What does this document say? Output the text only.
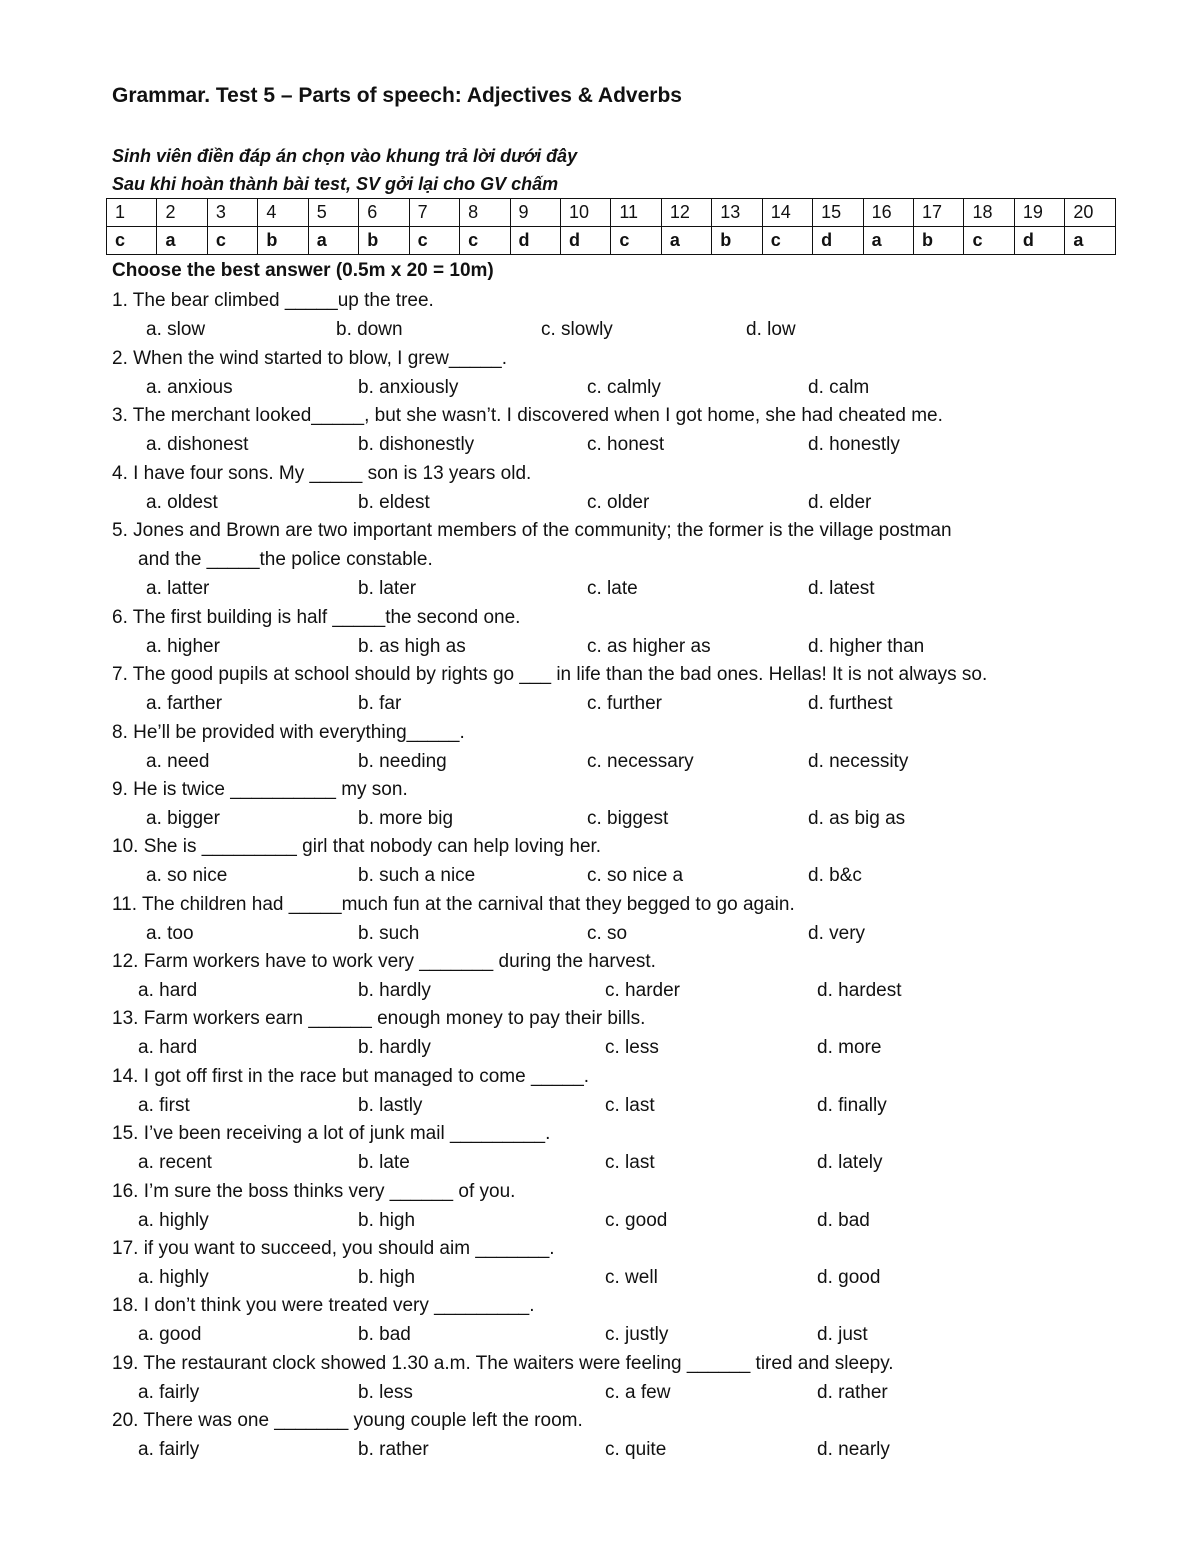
Grammar. Test 5 – Parts of speech: Adjectives & Adverbs
Sinh viên điền đáp án chọn vào khung trả lời dưới đây
Sau khi hoàn thành bài test, SV gởi lại cho GV chấm
1	2	3	4	5	6	7	8	9	10	11	12	13	14	15	16	17	18	19	20
c	a	c	b	a	b	c	c	d	d	c	a	b	c	d	a	b	c	d	a
Choose the best answer (0.5m x 20 = 10m)
1. The bear climbed _____up the tree.
a. slow	b. down	c. slowly	d. low
2. When the wind started to blow, I grew_____.
a. anxious	b. anxiously	c. calmly	d. calm
3. The merchant looked_____, but she wasn’t. I discovered when I got home, she had cheated me.
a. dishonest	b. dishonestly	c. honest	d. honestly
4. I have four sons. My _____ son is 13 years old.
a. oldest	b. eldest	c. older	d. elder
5. Jones and Brown are two important members of the community; the former is the village postman
and the _____the police constable.
a. latter	b. later	c. late	d. latest
6. The first building is half _____the second one.
a. higher	b. as high as	c. as higher as	d. higher than
7. The good pupils at school should by rights go ___ in life than the bad ones. Hellas! It is not always so.
a. farther	b. far	c. further	d. furthest
8. He’ll be provided with everything_____.
a. need	b. needing	c. necessary	d. necessity
9. He is twice __________ my son.
a. bigger	b. more big	c. biggest	d. as big as
10. She is _________ girl that nobody can help loving her.
a. so nice	b. such a nice	c. so nice a	d. b&c
11. The children had _____much fun at the carnival that they begged to go again.
a. too	b. such	c. so	d. very
12. Farm workers have to work very _______ during the harvest.
a. hard	b. hardly	c. harder	d. hardest
13. Farm workers earn ______ enough money to pay their bills.
a. hard	b. hardly	c. less	d. more
14. I got off first in the race but managed to come _____.
a. first	b. lastly	c. last	d. finally
15. I’ve been receiving a lot of junk mail _________.
a. recent	b. late	c. last	d. lately
16. I’m sure the boss thinks very ______ of you.
a. highly	b. high	c. good	d. bad
17. if you want to succeed, you should aim _______.
a. highly	b. high	c. well	d. good
18. I don’t think you were treated very _________.
a. good	b. bad	c. justly	d. just
19. The restaurant clock showed 1.30 a.m. The waiters were feeling ______ tired and sleepy.
a. fairly	b. less	c. a few	d. rather
20. There was one _______ young couple left the room.
a. fairly	b. rather	c. quite	d. nearly
